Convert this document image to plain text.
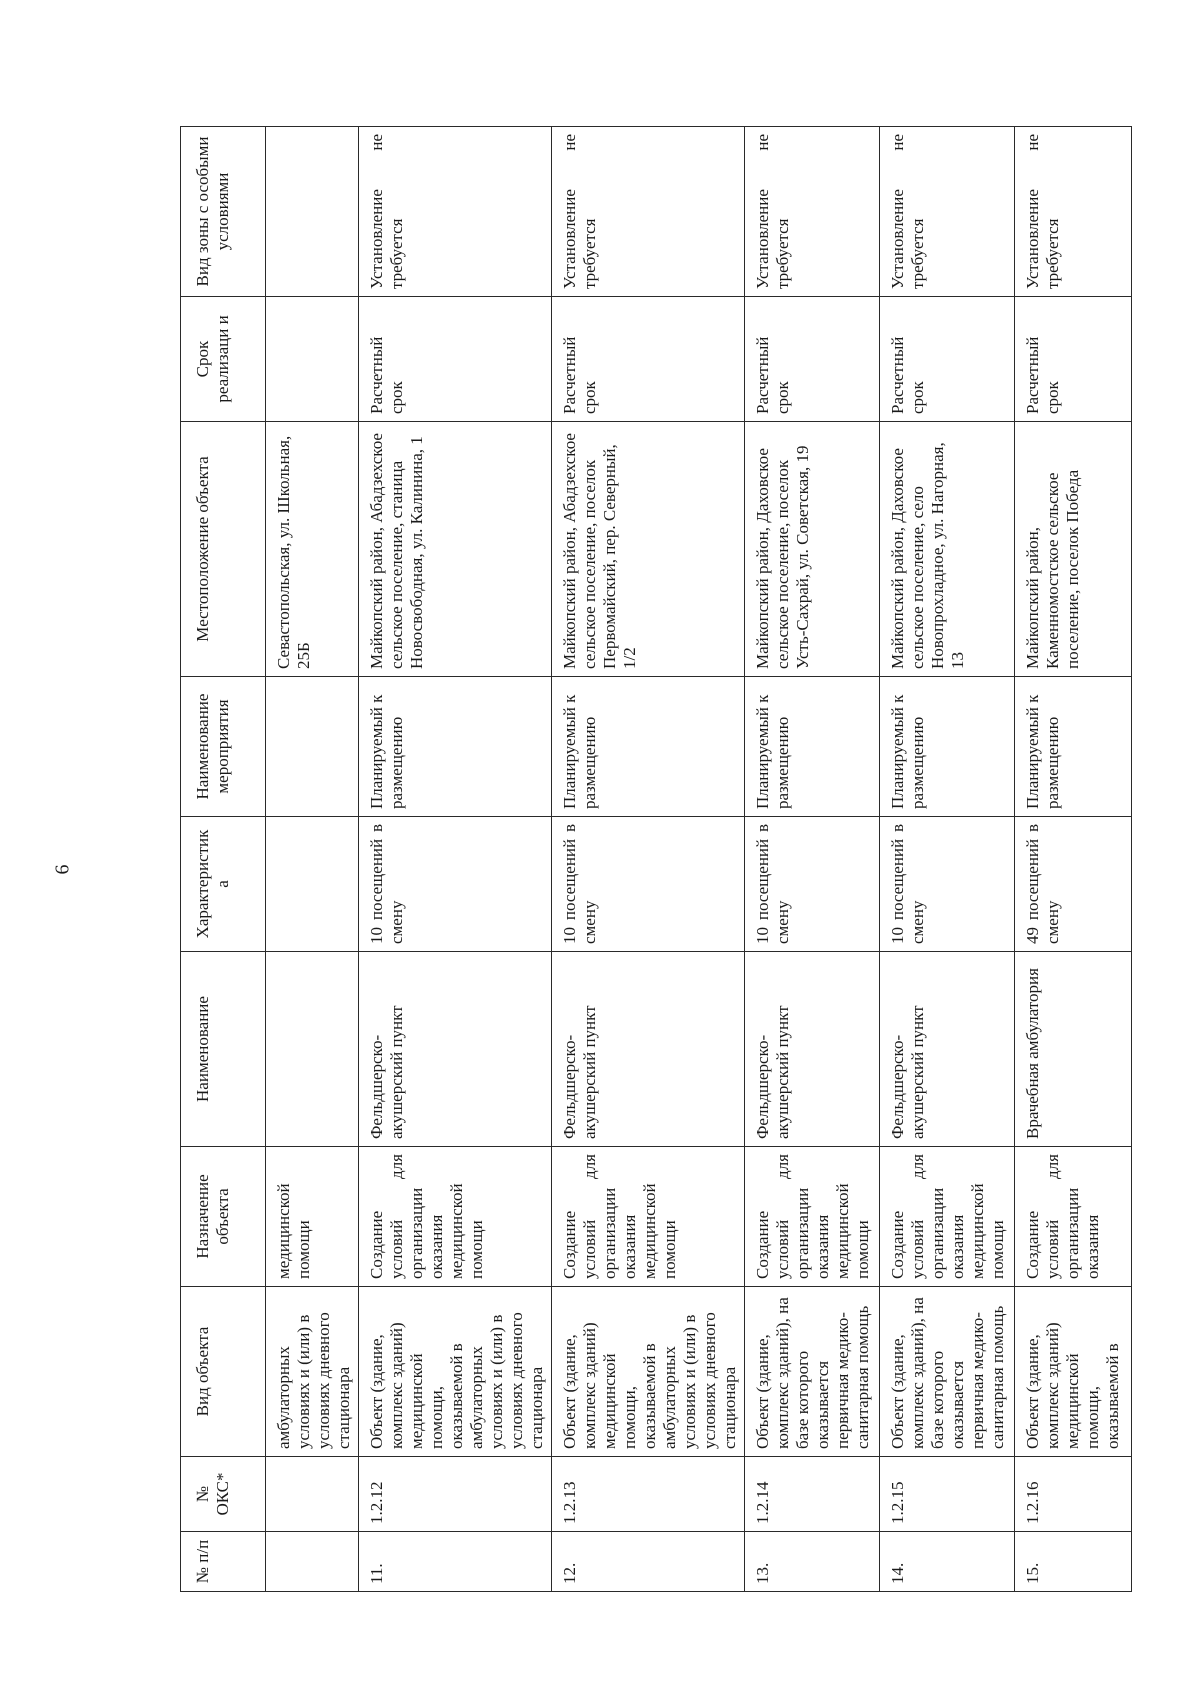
6
№ п/п	№ ОКС*	Вид объекта	Назначение объекта	Наименование	Характеристик а	Наименование мероприятия	Местоположение объекта	Срок реализаци и	Вид зоны с особыми условиями
		амбулаторных условиях и (или) в условиях дневного стационара	медицинской помощи				Севастопольская, ул. Школьная, 25Б		
11.	1.2.12	Объект (здание, комплекс зданий) медицинской помощи, оказываемой в амбулаторных условиях и (или) в условиях дневного стационара	Создание условий для организации оказания медицинской помощи	Фельдшерско-акушерский пункт	10 посещений в смену	Планируемый к размещению	Майкопский район, Абадзехское сельское поселение, станица Новосвободная, ул. Калинина, 1	Расчетный срок	Установление не требуется
12.	1.2.13	Объект (здание, комплекс зданий) медицинской помощи, оказываемой в амбулаторных условиях и (или) в условиях дневного стационара	Создание условий для организации оказания медицинской помощи	Фельдшерско-акушерский пункт	10 посещений в смену	Планируемый к размещению	Майкопский район, Абадзехское сельское поселение, поселок Первомайский, пер. Северный, 1/2	Расчетный срок	Установление не требуется
13.	1.2.14	Объект (здание, комплекс зданий), на базе которого оказывается первичная медико-санитарная помощь	Создание условий для организации оказания медицинской помощи	Фельдшерско-акушерский пункт	10 посещений в смену	Планируемый к размещению	Майкопский район, Даховское сельское поселение, поселок Усть-Сахрай, ул. Советская, 19	Расчетный срок	Установление не требуется
14.	1.2.15	Объект (здание, комплекс зданий), на базе которого оказывается первичная медико-санитарная помощь	Создание условий для организации оказания медицинской помощи	Фельдшерско-акушерский пункт	10 посещений в смену	Планируемый к размещению	Майкопский район, Даховское сельское поселение, село Новопрохладное, ул. Нагорная, 13	Расчетный срок	Установление не требуется
15.	1.2.16	Объект (здание, комплекс зданий) медицинской помощи, оказываемой в	Создание условий для организации оказания	Врачебная амбулатория	49 посещений в смену	Планируемый к размещению	Майкопский район, Каменномостское сельское поселение, поселок Победа	Расчетный срок	Установление не требуется
